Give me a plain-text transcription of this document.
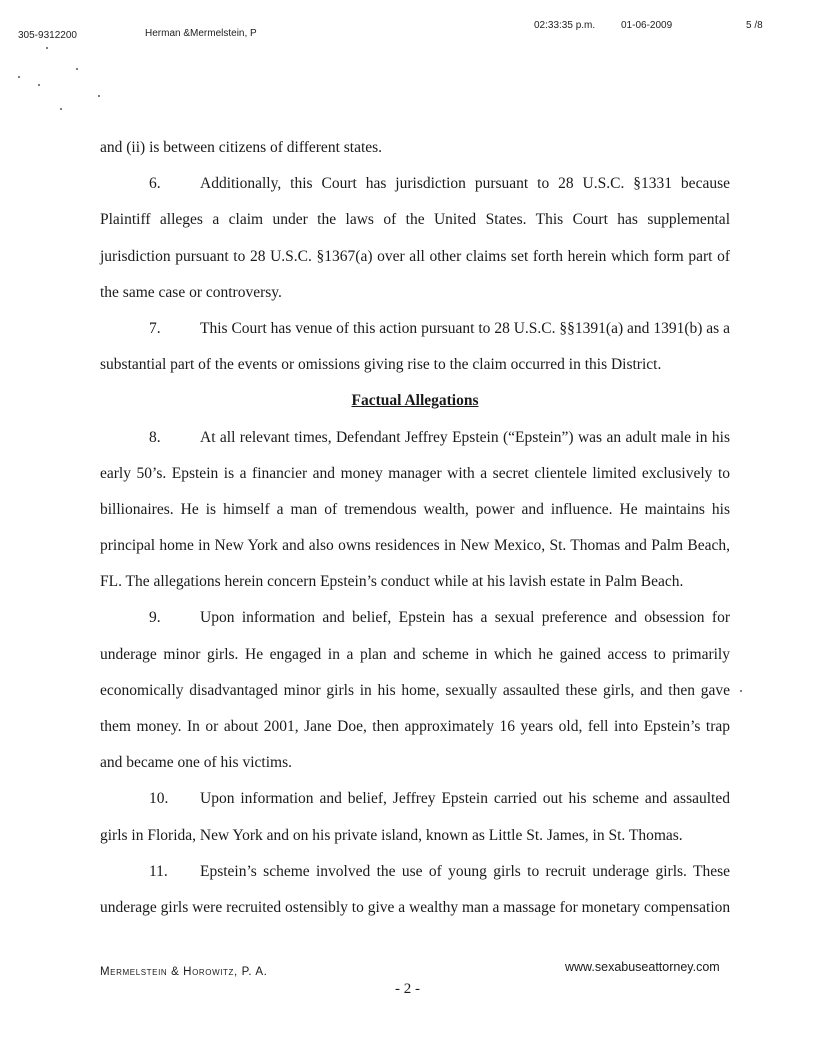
305-9312200	Herman &Mermelstein, P
02:33:35 p.m.	01-06-2009	5 /8
and (ii) is between citizens of different states.
6.	Additionally, this Court has jurisdiction pursuant to 28 U.S.C. §1331 because
Plaintiff alleges a claim under the laws of the United States. This Court has supplemental
jurisdiction pursuant to 28 U.S.C. §1367(a) over all other claims set forth herein which form part of
the same case or controversy.
7.	This Court has venue of this action pursuant to 28 U.S.C. §§1391(a) and 1391(b) as a
substantial part of the events or omissions giving rise to the claim occurred in this District.
Factual Allegations
8.	At all relevant times, Defendant Jeffrey Epstein (“Epstein”) was an adult male in his
early 50’s. Epstein is a financier and money manager with a secret clientele limited exclusively to
billionaires. He is himself a man of tremendous wealth, power and influence. He maintains his
principal home in New York and also owns residences in New Mexico, St. Thomas and Palm Beach,
FL. The allegations herein concern Epstein’s conduct while at his lavish estate in Palm Beach.
9.	Upon information and belief, Epstein has a sexual preference and obsession for
underage minor girls. He engaged in a plan and scheme in which he gained access to primarily
economically disadvantaged minor girls in his home, sexually assaulted these girls, and then gave
them money. In or about 2001, Jane Doe, then approximately 16 years old, fell into Epstein’s trap
and became one of his victims.
10. Upon information and belief, Jeffrey Epstein carried out his scheme and assaulted
girls in Florida, New York and on his private island, known as Little St. James, in St. Thomas.
11. Epstein’s scheme involved the use of young girls to recruit underage girls. These
underage girls were recruited ostensibly to give a wealthy man a massage for monetary compensation
Mermelstein & Horowitz, P. A.	www.sexabuseattorney.com
- 2 -
